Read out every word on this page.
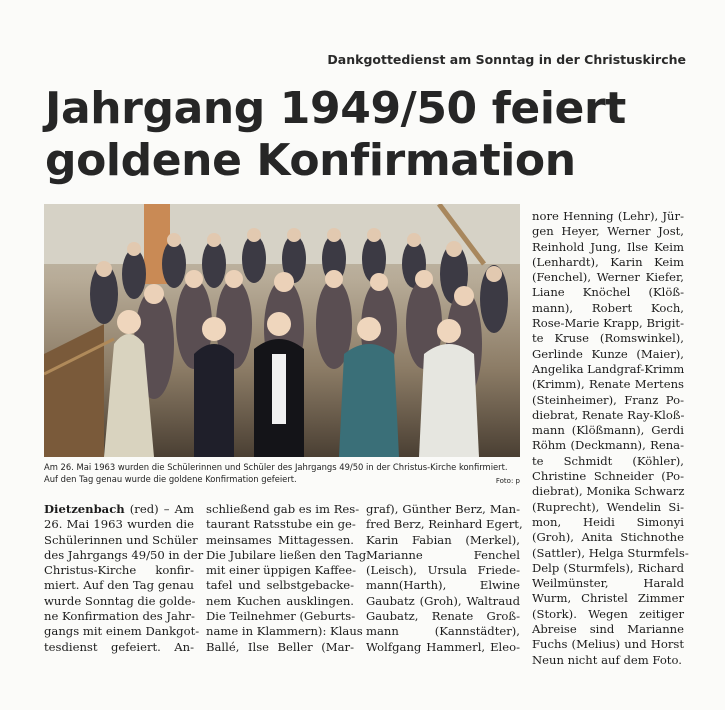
Dankgottedienst am Sonntag in der Christuskirche
Jahrgang 1949/50 feiert
goldene Konfirmation
Am 26. Mai 1963 wurden die Schülerinnen und Schüler des Jahrgangs 49/50 in der Christus-Kirche konfirmiert. Auf den Tag genau wurde die goldene Konfirmation gefeiert.	Foto: p
Dietzenbach (red) – Am
26. Mai 1963 wurden die
Schülerinnen und Schüler
des Jahrgangs 49/50 in der
Christus-Kirche konfir-
miert. Auf den Tag genau
wurde Sonntag die golde-
ne Konfirmation des Jahr-
gangs mit einem Dankgot-
tesdienst gefeiert. An-
schließend gab es im Res-
taurant Ratsstube ein ge-
meinsames Mittagessen.
Die Jubilare ließen den Tag
mit einer üppigen Kaffee-
tafel und selbstgebacke-
nem Kuchen ausklingen.
Die Teilnehmer (Geburts-
name in Klammern): Klaus
Ballé, Ilse Beller (Mar-
graf), Günther Berz, Man-
fred Berz, Reinhard Egert,
Karin Fabian (Merkel),
Marianne Fenchel
(Leisch), Ursula Friede-
mann(Harth), Elwine
Gaubatz (Groh), Waltraud
Gaubatz, Renate Groß-
mann (Kannstädter),
Wolfgang Hammerl, Eleo-
nore Henning (Lehr), Jür-
gen Heyer, Werner Jost,
Reinhold Jung, Ilse Keim
(Lenhardt), Karin Keim
(Fenchel), Werner Kiefer,
Liane Knöchel (Klöß-
mann), Robert Koch,
Rose-Marie Krapp, Brigit-
te Kruse (Romswinkel),
Gerlinde Kunze (Maier),
Angelika Landgraf-Krimm
(Krimm), Renate Mertens
(Steinheimer), Franz Po-
diebrat, Renate Ray-Kloß-
mann (Klößmann), Gerdi
Röhm (Deckmann), Rena-
te Schmidt (Köhler),
Christine Schneider (Po-
diebrat), Monika Schwarz
(Ruprecht), Wendelin Si-
mon, Heidi Simonyi
(Groh), Anita Stichnothe
(Sattler), Helga Sturmfels-
Delp (Sturmfels), Richard
Weilmünster, Harald
Wurm, Christel Zimmer
(Stork). Wegen zeitiger
Abreise sind Marianne
Fuchs (Melius) und Horst
Neun nicht auf dem Foto.
